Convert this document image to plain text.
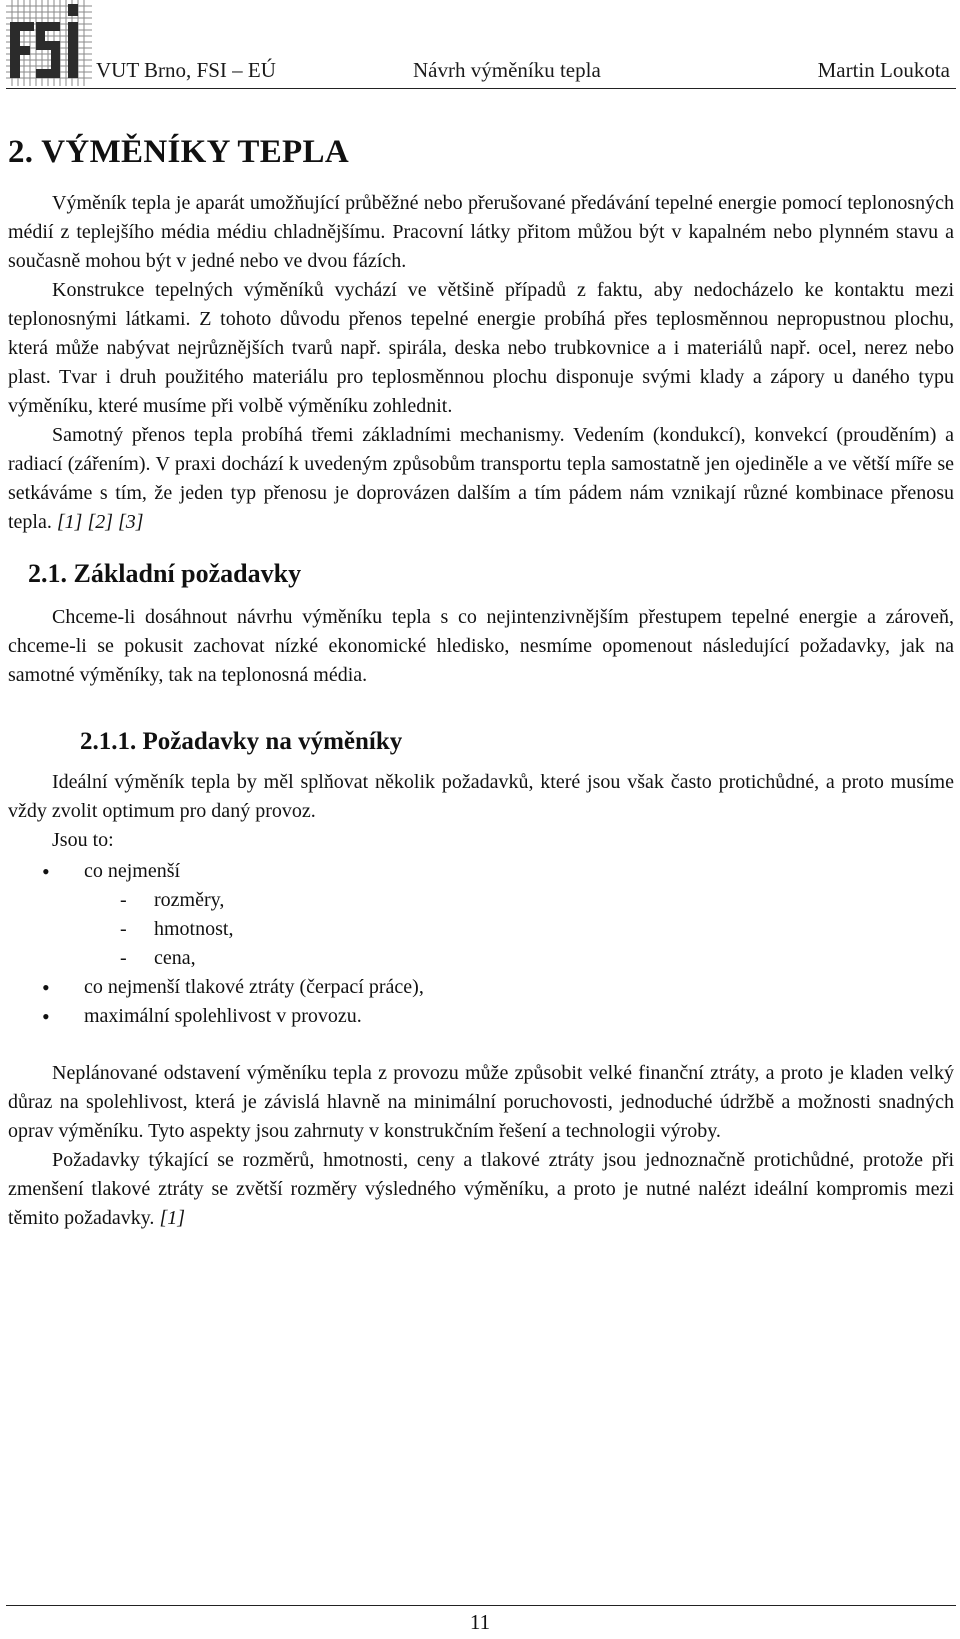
VUT Brno, FSI – EÚ	Návrh výměníku tepla	Martin Loukota
2. VÝMĚNÍKY TEPLA

Výměník tepla je aparát umožňující průběžné nebo přerušované předávání tepelné energie pomocí teplonosných médií z teplejšího média médiu chladnějšímu. Pracovní látky přitom můžou být v kapalném nebo plynném stavu a současně mohou být v jedné nebo ve dvou fázích.

Konstrukce tepelných výměníků vychází ve většině případů z faktu, aby nedocházelo ke kontaktu mezi teplonosnými látkami. Z tohoto důvodu přenos tepelné energie probíhá přes teplosměnnou nepropustnou plochu, která může nabývat nejrůznějších tvarů např. spirála, deska nebo trubkovnice a i materiálů např. ocel, nerez nebo plast. Tvar i druh použitého materiálu pro teplosměnnou plochu disponuje svými klady a zápory u daného typu výměníku, které musíme při volbě výměníku zohlednit.

Samotný přenos tepla probíhá třemi základními mechanismy. Vedením (kondukcí), konvekcí (prouděním) a radiací (zářením). V praxi dochází k uvedeným způsobům transportu tepla samostatně jen ojediněle a ve větší míře se setkáváme s tím, že jeden typ přenosu je doprovázen dalším a tím pádem nám vznikají různé kombinace přenosu tepla. [1] [2] [3]

2.1. Základní požadavky

Chceme-li dosáhnout návrhu výměníku tepla s co nejintenzivnějším přestupem tepelné energie a zároveň, chceme-li se pokusit zachovat nízké ekonomické hledisko, nesmíme opomenout následující požadavky, jak na samotné výměníky, tak na teplonosná média.

2.1.1. Požadavky na výměníky

Ideální výměník tepla by měl splňovat několik požadavků, které jsou však často protichůdné, a proto musíme vždy zvolit optimum pro daný provoz.

Jsou to:

• co nejmenší
- rozměry,
- hmotnost,
- cena,
• co nejmenší tlakové ztráty (čerpací práce),
• maximální spolehlivost v provozu.

Neplánované odstavení výměníku tepla z provozu může způsobit velké finanční ztráty, a proto je kladen velký důraz na spolehlivost, která je závislá hlavně na minimální poruchovosti, jednoduché údržbě a možnosti snadných oprav výměníku. Tyto aspekty jsou zahrnuty v konstrukčním řešení a technologii výroby.

Požadavky týkající se rozměrů, hmotnosti, ceny a tlakové ztráty jsou jednoznačně protichůdné, protože při zmenšení tlakové ztráty se zvětší rozměry výsledného výměníku, a proto je nutné nalézt ideální kompromis mezi těmito požadavky. [1]

11
